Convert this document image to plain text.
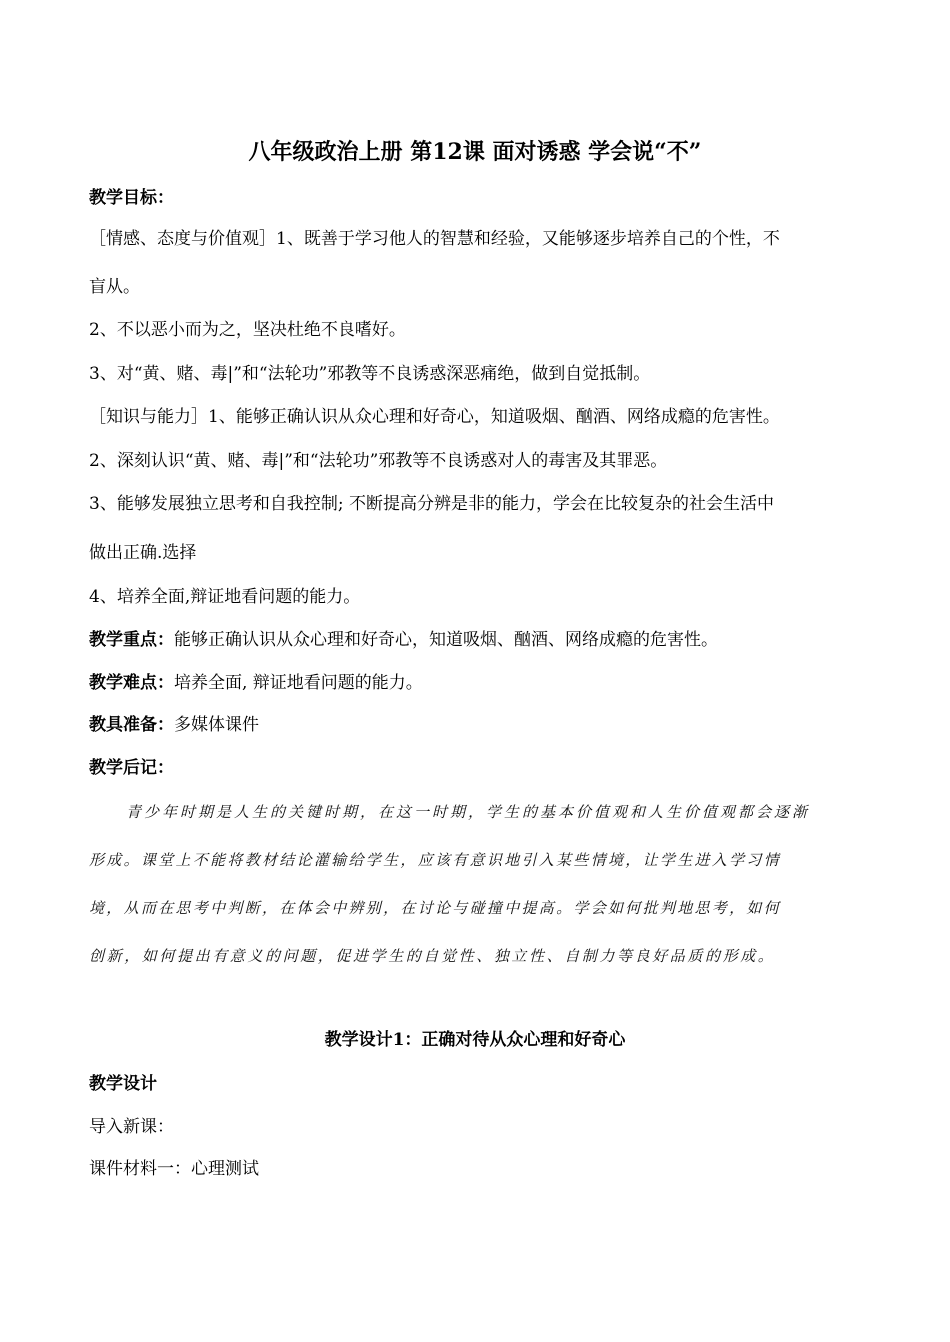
八年级政治上册 第12课 面对诱惑 学会说“不”
教学目标：
［情感、态度与价值观］1、既善于学习他人的智慧和经验，又能够逐步培养自己的个性，不
盲从。
2、不以恶小而为之，坚决杜绝不良嗜好。
3、对“黄、赌、毒|”和“法轮功”邪教等不良诱惑深恶痛绝，做到自觉抵制。
［知识与能力］1、能够正确认识从众心理和好奇心，知道吸烟、酗酒、网络成瘾的危害性。
2、深刻认识“黄、赌、毒|”和“法轮功”邪教等不良诱惑对人的毒害及其罪恶。
3、能够发展独立思考和自我控制; 不断提高分辨是非的能力，学会在比较复杂的社会生活中
做出正确.选择
4、培养全面,辩证地看问题的能力。
教学重点：能够正确认识从众心理和好奇心，知道吸烟、酗酒、网络成瘾的危害性。
教学难点：培养全面, 辩证地看问题的能力。
教具准备：多媒体课件
教学后记：
青少年时期是人生的关键时期，在这一时期，学生的基本价值观和人生价值观都会逐渐
形成。课堂上不能将教材结论灌输给学生，应该有意识地引入某些情境，让学生进入学习情
境，从而在思考中判断，在体会中辨别，在讨论与碰撞中提高。学会如何批判地思考，如何
创新，如何提出有意义的问题，促进学生的自觉性、独立性、自制力等良好品质的形成。
教学设计1：正确对待从众心理和好奇心
教学设计
导入新课：
课件材料一：心理测试
